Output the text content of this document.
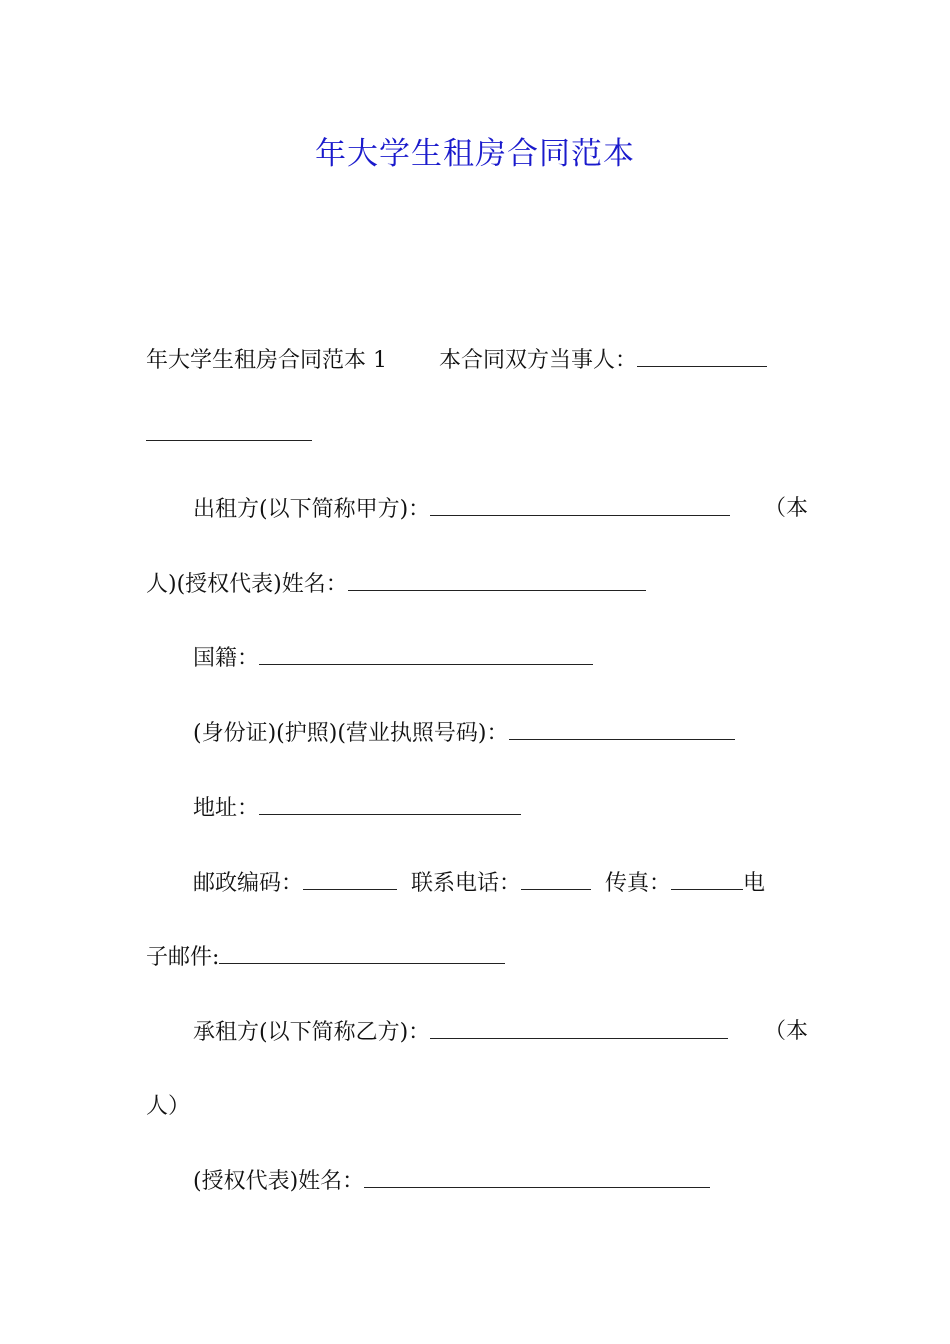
年大学生租房合同范本
年大学生租房合同范本 1 本合同双方当事人：
出租方(以下简称甲方)：	（本
人)(授权代表)姓名：
国籍：
(身份证)(护照)(营业执照号码)：
地址：
邮政编码：	联系电话：	传真：	电
子邮件:
承租方(以下简称乙方)：	（本
人）
(授权代表)姓名：
